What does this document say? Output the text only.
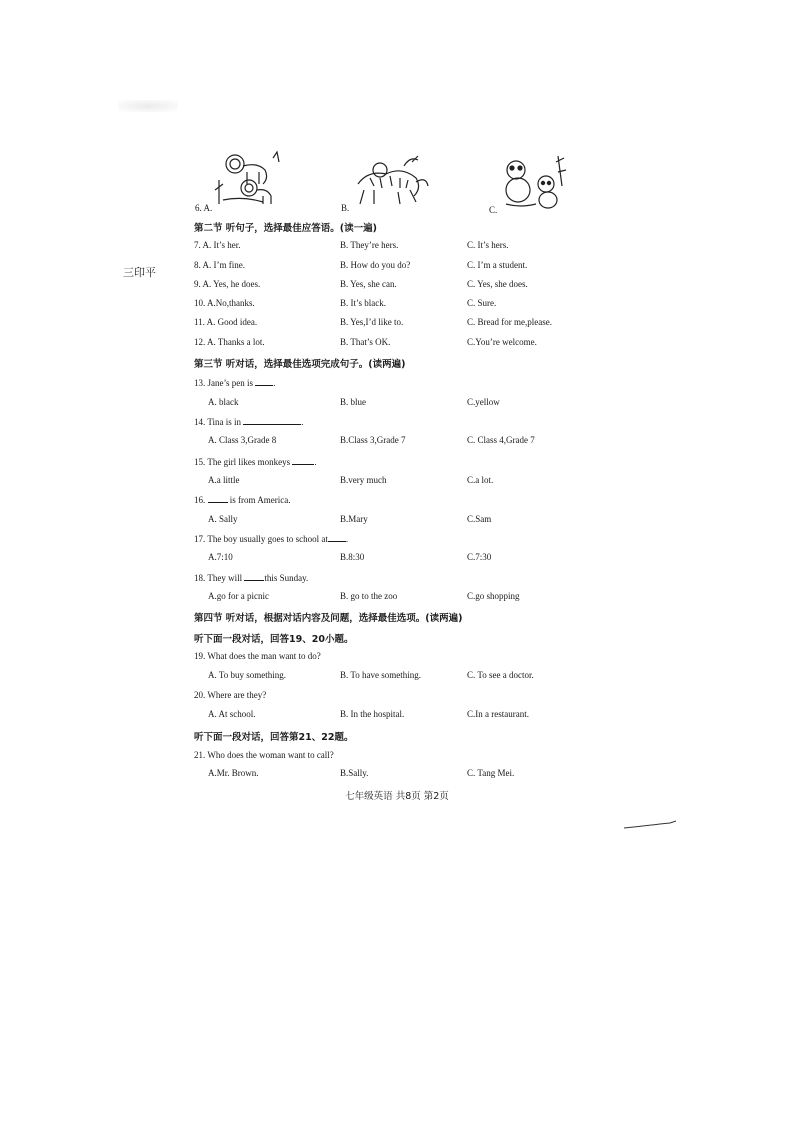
三印平
6. A.	B.	C.
第二节 听句子，选择最佳应答语。(读一遍)
7. A. It’s her.	B. They’re hers.	C. It’s hers.
8. A. I’m fine.	B. How do you do?	C. I’m a student.
9. A. Yes, he does.	B. Yes, she can.	C. Yes, she does.
10. A.No,thanks.	B. It’s black.	C. Sure.
11. A. Good idea.	B. Yes,I’d like to.	C. Bread for me,please.
12. A. Thanks a lot.	B. That’s OK.	C.You’re welcome.
第三节 听对话，选择最佳选项完成句子。(读两遍)
13. Jane’s pen is .
A. black	B. blue	C.yellow
14. Tina is in	.
A. Class 3,Grade 8	B.Class 3,Grade 7	C. Class 4,Grade 7
15. The girl likes monkeys .
A.a little	B.very much	C.a lot.
16.  is from America.
A. Sally	B.Mary	C.Sam
17. The boy usually goes to school at .
A.7:10	B.8:30	C.7:30
18. They will this Sunday.
A.go for a picnic	B. go to the zoo	C.go shopping
第四节 听对话，根据对话内容及问题，选择最佳选项。(读两遍)
听下面一段对话，回答19、20小题。
19. What does the man want to do?
A. To buy something.	B. To have something.	C. To see a doctor.
20. Where are they?
A. At school.	B. In the hospital.	C.In a restaurant.
听下面一段对话，回答第21、22题。
21. Who does the woman want to call?
A.Mr. Brown.	B.Sally.	C. Tang Mei.
七年级英语 共8页 第2页
